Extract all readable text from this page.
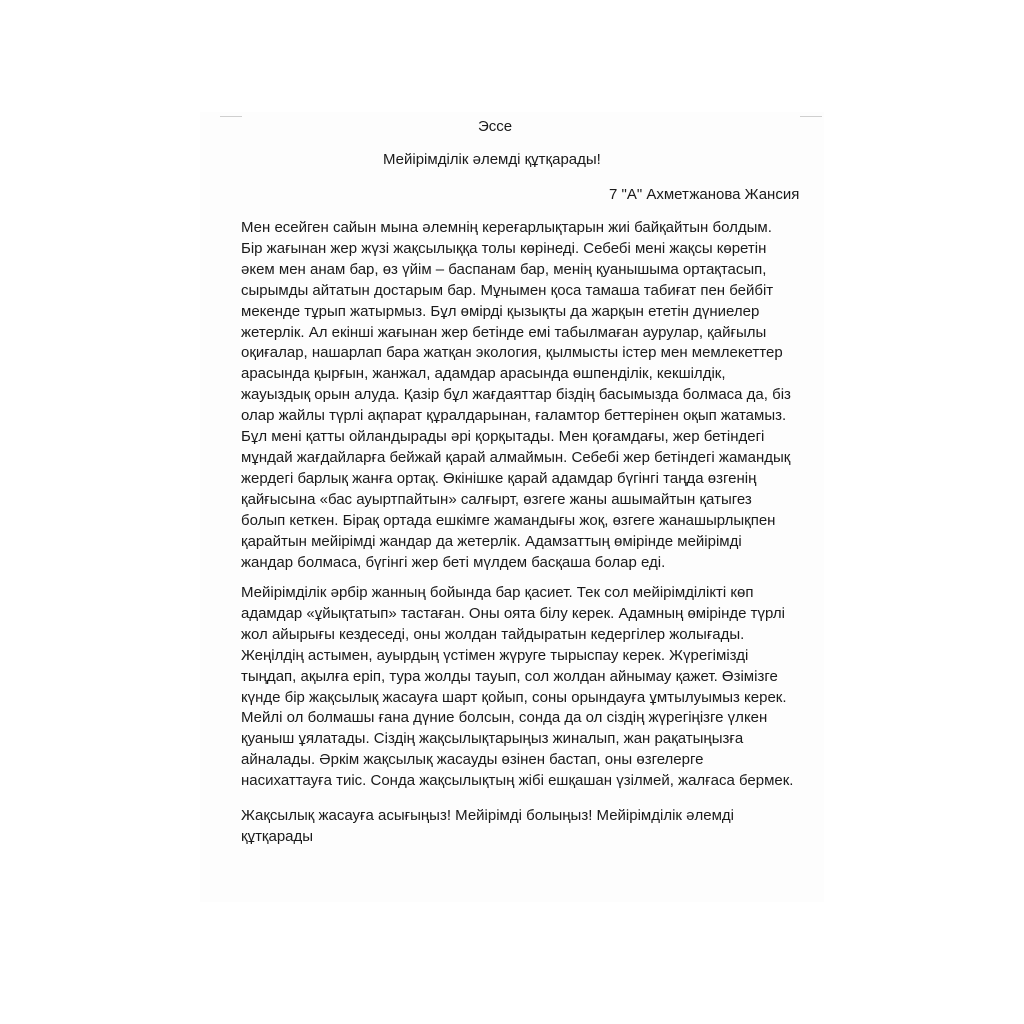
Эссе
Мейірімділік әлемді құтқарады!
7 "А" Ахметжанова Жансия
Мен есейген сайын мына әлемнің кереғарлықтарын жиі байқайтын болдым.
Бір жағынан жер жүзі жақсылыққа толы көрінеді. Себебі мені жақсы көретін
әкем мен анам бар, өз үйім – баспанам бар, менің қуанышыма ортақтасып,
сырымды айтатын достарым бар. Мұнымен қоса тамаша табиғат пен бейбіт
мекенде тұрып жатырмыз. Бұл өмірді қызықты да жарқын ететін дүниелер
жетерлік. Ал екінші жағынан жер бетінде емі табылмаған аурулар, қайғылы
оқиғалар, нашарлап бара жатқан экология, қылмысты істер мен мемлекеттер
арасында қырғын, жанжал, адамдар арасында өшпенділік, кекшілдік,
жауыздық орын алуда. Қазір бұл жағдаяттар біздің басымызда болмаса да, біз
олар жайлы түрлі ақпарат құралдарынан, ғаламтор беттерінен оқып жатамыз.
Бұл мені қатты ойландырады әрі қорқытады. Мен қоғамдағы, жер бетіндегі
мұндай жағдайларға бейжай қарай алмаймын. Себебі жер бетіндегі жамандық
жердегі барлық жанға ортақ. Өкінішке қарай адамдар бүгінгі таңда өзгенің
қайғысына «бас ауыртпайтын» салғырт, өзгеге жаны ашымайтын қатыгез
болып кеткен. Бірақ ортада ешкімге жамандығы жоқ, өзгеге жанашырлықпен
қарайтын мейірімді жандар да жетерлік. Адамзаттың өмірінде мейірімді
жандар болмаса, бүгінгі жер беті мүлдем басқаша болар еді.
Мейірімділік әрбір жанның бойында бар қасиет. Тек сол мейірімділікті көп
адамдар «ұйықтатып» тастаған. Оны оята білу керек. Адамның өмірінде түрлі
жол айырығы кездеседі, оны жолдан тайдыратын кедергілер жолығады.
Жеңілдің астымен, ауырдың үстімен жүруге тырыспау керек. Жүрегімізді
тыңдап, ақылға еріп, тура жолды тауып, сол жолдан айнымау қажет. Өзімізге
күнде бір жақсылық жасауға шарт қойып, соны орындауға ұмтылуымыз керек.
Мейлі ол болмашы ғана дүние болсын, сонда да ол сіздің жүрегіңізге үлкен
қуаныш ұялатады. Сіздің жақсылықтарыңыз жиналып, жан рақатыңызға
айналады. Әркім жақсылық жасауды өзінен бастап, оны өзгелерге
насихаттауға тиіс. Сонда жақсылықтың жібі ешқашан үзілмей, жалғаса бермек.
Жақсылық жасауға асығыңыз! Мейірімді болыңыз! Мейірімділік әлемді
құтқарады
